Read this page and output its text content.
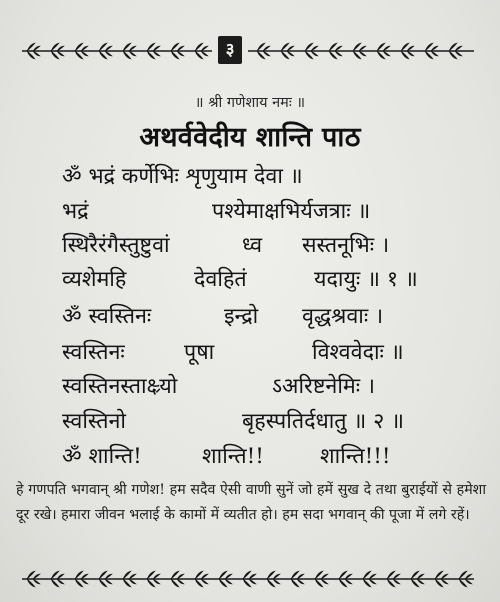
३
॥ श्री गणेशाय नमः ॥
अथर्ववेदीय शान्ति पाठ
ॐ भद्रं कर्णेभिः शृणुयाम देवा ॥
भद्रं	पश्येमाक्षभिर्यजत्राः ॥
स्थिरैरंगैस्तुष्टुवां	ध्व सस्तनूभिः ।
व्यशेमहि	देवहितं	यदायुः ॥ १ ॥
ॐ स्वस्तिनः	इन्द्रो वृद्धश्रवाः ।
स्वस्तिनः	पूषा	विश्ववेदाः ॥
स्वस्तिनस्ताक्ष्र्यो	ऽअरिष्टनेमिः ।
स्वस्तिनो	बृहस्पतिर्दधातु ॥ २ ॥
ॐ शान्ति!	शान्ति!!	शान्ति!!!
हे गणपति भगवान् श्री गणेश! हम सदैव ऐसी वाणी सुनें जो हमें सुख दे तथा बुराईयों से हमेशा दूर रखे। हमारा जीवन भलाई के कामों में व्यतीत हो। हम सदा भगवान् की पूजा में लगे रहें।
